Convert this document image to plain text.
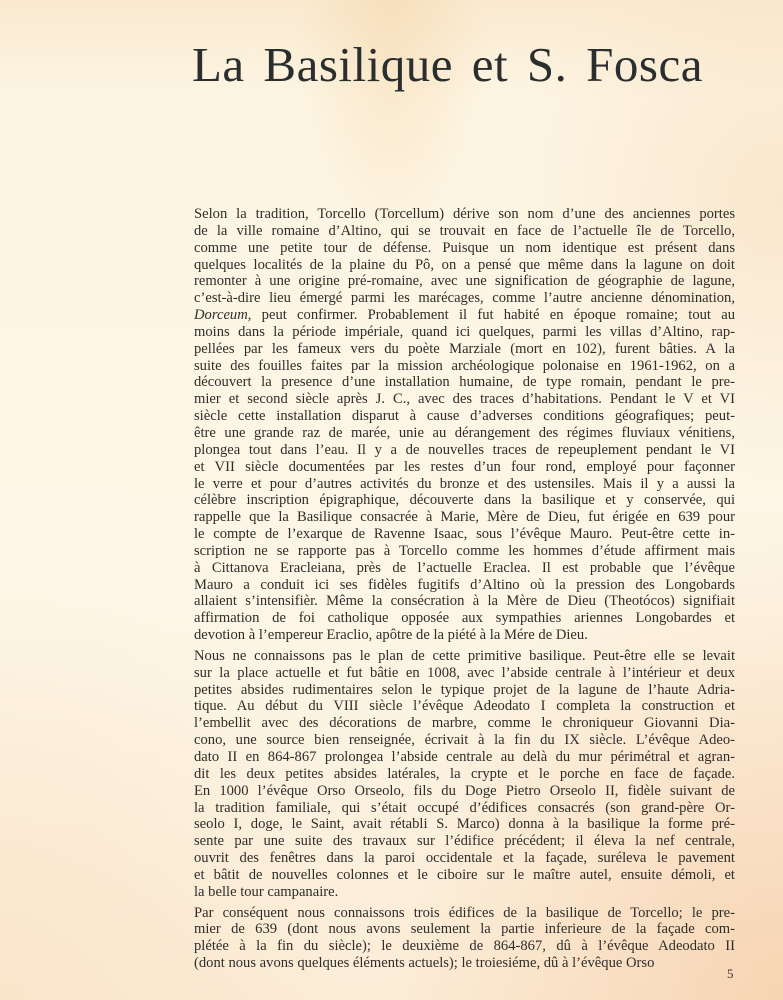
La Basilique et S. Fosca

Selon la tradition, Torcello (Torcellum) dérive son nom d’une des anciennes portes
de la ville romaine d’Altino, qui se trouvait en face de l’actuelle île de Torcello,
comme une petite tour de défense. Puisque un nom identique est présent dans
quelques localités de la plaine du Pô, on a pensé que même dans la lagune on doit
remonter à une origine pré-romaine, avec une signification de géographie de lagune,
c’est-à-dire lieu émergé parmi les marécages, comme l’autre ancienne dénomination,
Dorceum, peut confirmer. Probablement il fut habité en époque romaine; tout au
moins dans la période impériale, quand ici quelques, parmi les villas d’Altino, rap-
pellées par les fameux vers du poète Marziale (mort en 102), furent bâties. A la
suite des fouilles faites par la mission archéologique polonaise en 1961-1962, on a
découvert la presence d’une installation humaine, de type romain, pendant le pre-
mier et second siècle après J. C., avec des traces d’habitations. Pendant le V et VI
siècle cette installation disparut à cause d’adverses conditions géografiques; peut-
être une grande raz de marée, unie au dérangement des régimes fluviaux vénitiens,
plongea tout dans l’eau. Il y a de nouvelles traces de repeuplement pendant le VI
et VII siècle documentées par les restes d’un four rond, employé pour façonner
le verre et pour d’autres activités du bronze et des ustensiles. Mais il y a aussi la
célèbre inscription épigraphique, découverte dans la basilique et y conservée, qui
rappelle que la Basilique consacrée à Marie, Mère de Dieu, fut érigée en 639 pour
le compte de l’exarque de Ravenne Isaac, sous l’évêque Mauro. Peut-être cette in-
scription ne se rapporte pas à Torcello comme les hommes d’étude affirment mais
à Cittanova Eracleiana, près de l’actuelle Eraclea. Il est probable que l’évêque
Mauro a conduit ici ses fidèles fugitifs d’Altino où la pression des Longobards
allaient s’intensifièr. Même la consécration à la Mère de Dieu (Theotócos) signifiait
affirmation de foi catholique opposée aux sympathies ariennes Longobardes et
devotion à l’empereur Eraclio, apôtre de la piété à la Mére de Dieu.

Nous ne connaissons pas le plan de cette primitive basilique. Peut-être elle se levait
sur la place actuelle et fut bâtie en 1008, avec l’abside centrale à l’intérieur et deux
petites absides rudimentaires selon le typique projet de la lagune de l’haute Adria-
tique. Au début du VIII siècle l’évêque Adeodato I completa la construction et
l’embellit avec des décorations de marbre, comme le chroniqueur Giovanni Dia-
cono, une source bien renseignée, écrivait à la fin du IX siècle. L’évêque Adeo-
dato II en 864-867 prolongea l’abside centrale au delà du mur périmétral et agran-
dit les deux petites absides latérales, la crypte et le porche en face de façade.
En 1000 l’évêque Orso Orseolo, fils du Doge Pietro Orseolo II, fidèle suivant de
la tradition familiale, qui s’était occupé d’édifices consacrés (son grand-père Or-
seolo I, doge, le Saint, avait rétabli S. Marco) donna à la basilique la forme pré-
sente par une suite des travaux sur l’édifice précédent; il éleva la nef centrale,
ouvrit des fenêtres dans la paroi occidentale et la façade, suréleva le pavement
et bâtit de nouvelles colonnes et le ciboire sur le maître autel, ensuite démoli, et
la belle tour campanaire.

Par conséquent nous connaissons trois édifices de la basilique de Torcello; le pre-
mier de 639 (dont nous avons seulement la partie inferieure de la façade com-
plétée à la fin du siècle); le deuxième de 864-867, dû à l’évêque Adeodato II
(dont nous avons quelques éléments actuels); le troiesiéme, dû à l’évêque Orso

5
